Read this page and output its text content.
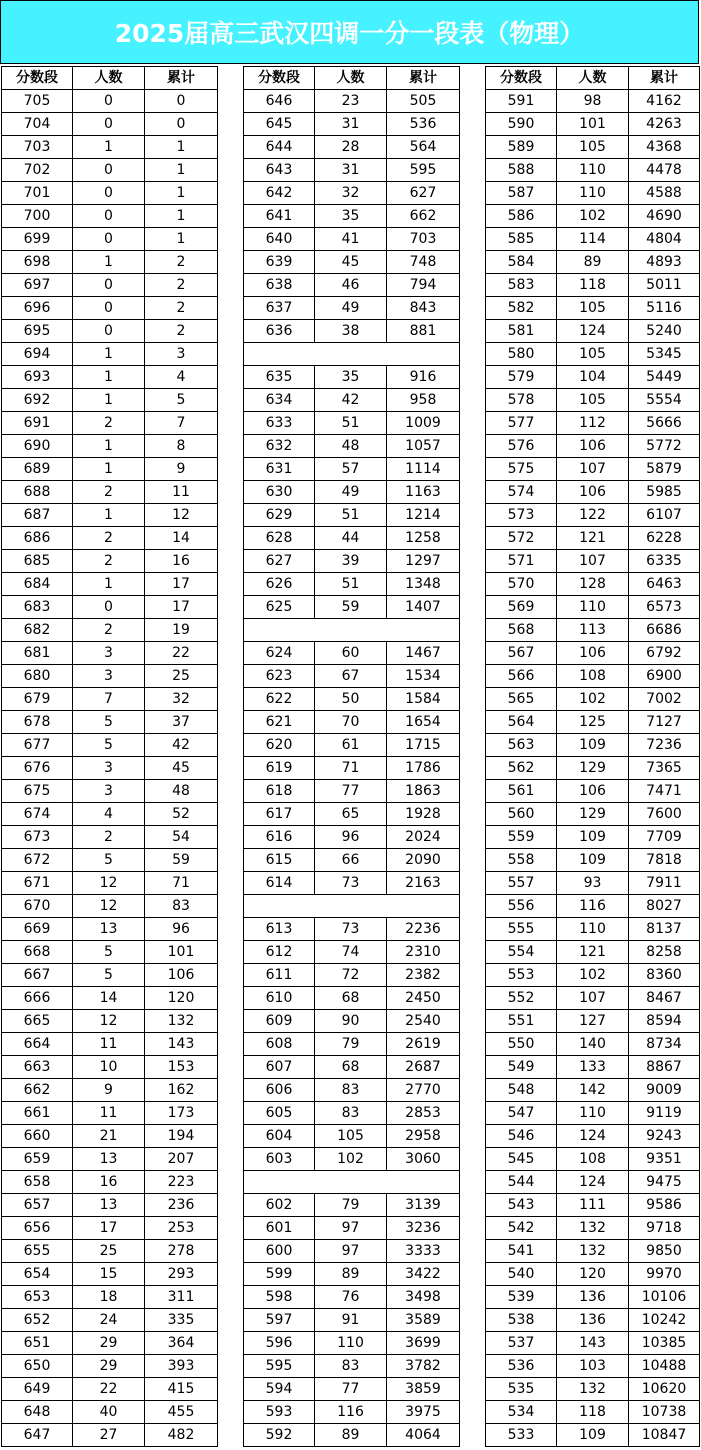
2025届高三武汉四调一分一段表（物理）
分数段	人数	累计
705	0	0
704	0	0
703	1	1
702	0	1
701	0	1
700	0	1
699	0	1
698	1	2
697	0	2
696	0	2
695	0	2
694	1	3
693	1	4
692	1	5
691	2	7
690	1	8
689	1	9
688	2	11
687	1	12
686	2	14
685	2	16
684	1	17
683	0	17
682	2	19
681	3	22
680	3	25
679	7	32
678	5	37
677	5	42
676	3	45
675	3	48
674	4	52
673	2	54
672	5	59
671	12	71
670	12	83
669	13	96
668	5	101
667	5	106
666	14	120
665	12	132
664	11	143
663	10	153
662	9	162
661	11	173
660	21	194
659	13	207
658	16	223
657	13	236
656	17	253
655	25	278
654	15	293
653	18	311
652	24	335
651	29	364
650	29	393
649	22	415
648	40	455
647	27	482
分数段	人数	累计
646	23	505
645	31	536
644	28	564
643	31	595
642	32	627
641	35	662
640	41	703
639	45	748
638	46	794
637	49	843
636	38	881

635	35	916
634	42	958
633	51	1009
632	48	1057
631	57	1114
630	49	1163
629	51	1214
628	44	1258
627	39	1297
626	51	1348
625	59	1407

624	60	1467
623	67	1534
622	50	1584
621	70	1654
620	61	1715
619	71	1786
618	77	1863
617	65	1928
616	96	2024
615	66	2090
614	73	2163

613	73	2236
612	74	2310
611	72	2382
610	68	2450
609	90	2540
608	79	2619
607	68	2687
606	83	2770
605	83	2853
604	105	2958
603	102	3060

602	79	3139
601	97	3236
600	97	3333
599	89	3422
598	76	3498
597	91	3589
596	110	3699
595	83	3782
594	77	3859
593	116	3975
592	89	4064
分数段	人数	累计
591	98	4162
590	101	4263
589	105	4368
588	110	4478
587	110	4588
586	102	4690
585	114	4804
584	89	4893
583	118	5011
582	105	5116
581	124	5240
580	105	5345
579	104	5449
578	105	5554
577	112	5666
576	106	5772
575	107	5879
574	106	5985
573	122	6107
572	121	6228
571	107	6335
570	128	6463
569	110	6573
568	113	6686
567	106	6792
566	108	6900
565	102	7002
564	125	7127
563	109	7236
562	129	7365
561	106	7471
560	129	7600
559	109	7709
558	109	7818
557	93	7911
556	116	8027
555	110	8137
554	121	8258
553	102	8360
552	107	8467
551	127	8594
550	140	8734
549	133	8867
548	142	9009
547	110	9119
546	124	9243
545	108	9351
544	124	9475
543	111	9586
542	132	9718
541	132	9850
540	120	9970
539	136	10106
538	136	10242
537	143	10385
536	103	10488
535	132	10620
534	118	10738
533	109	10847
